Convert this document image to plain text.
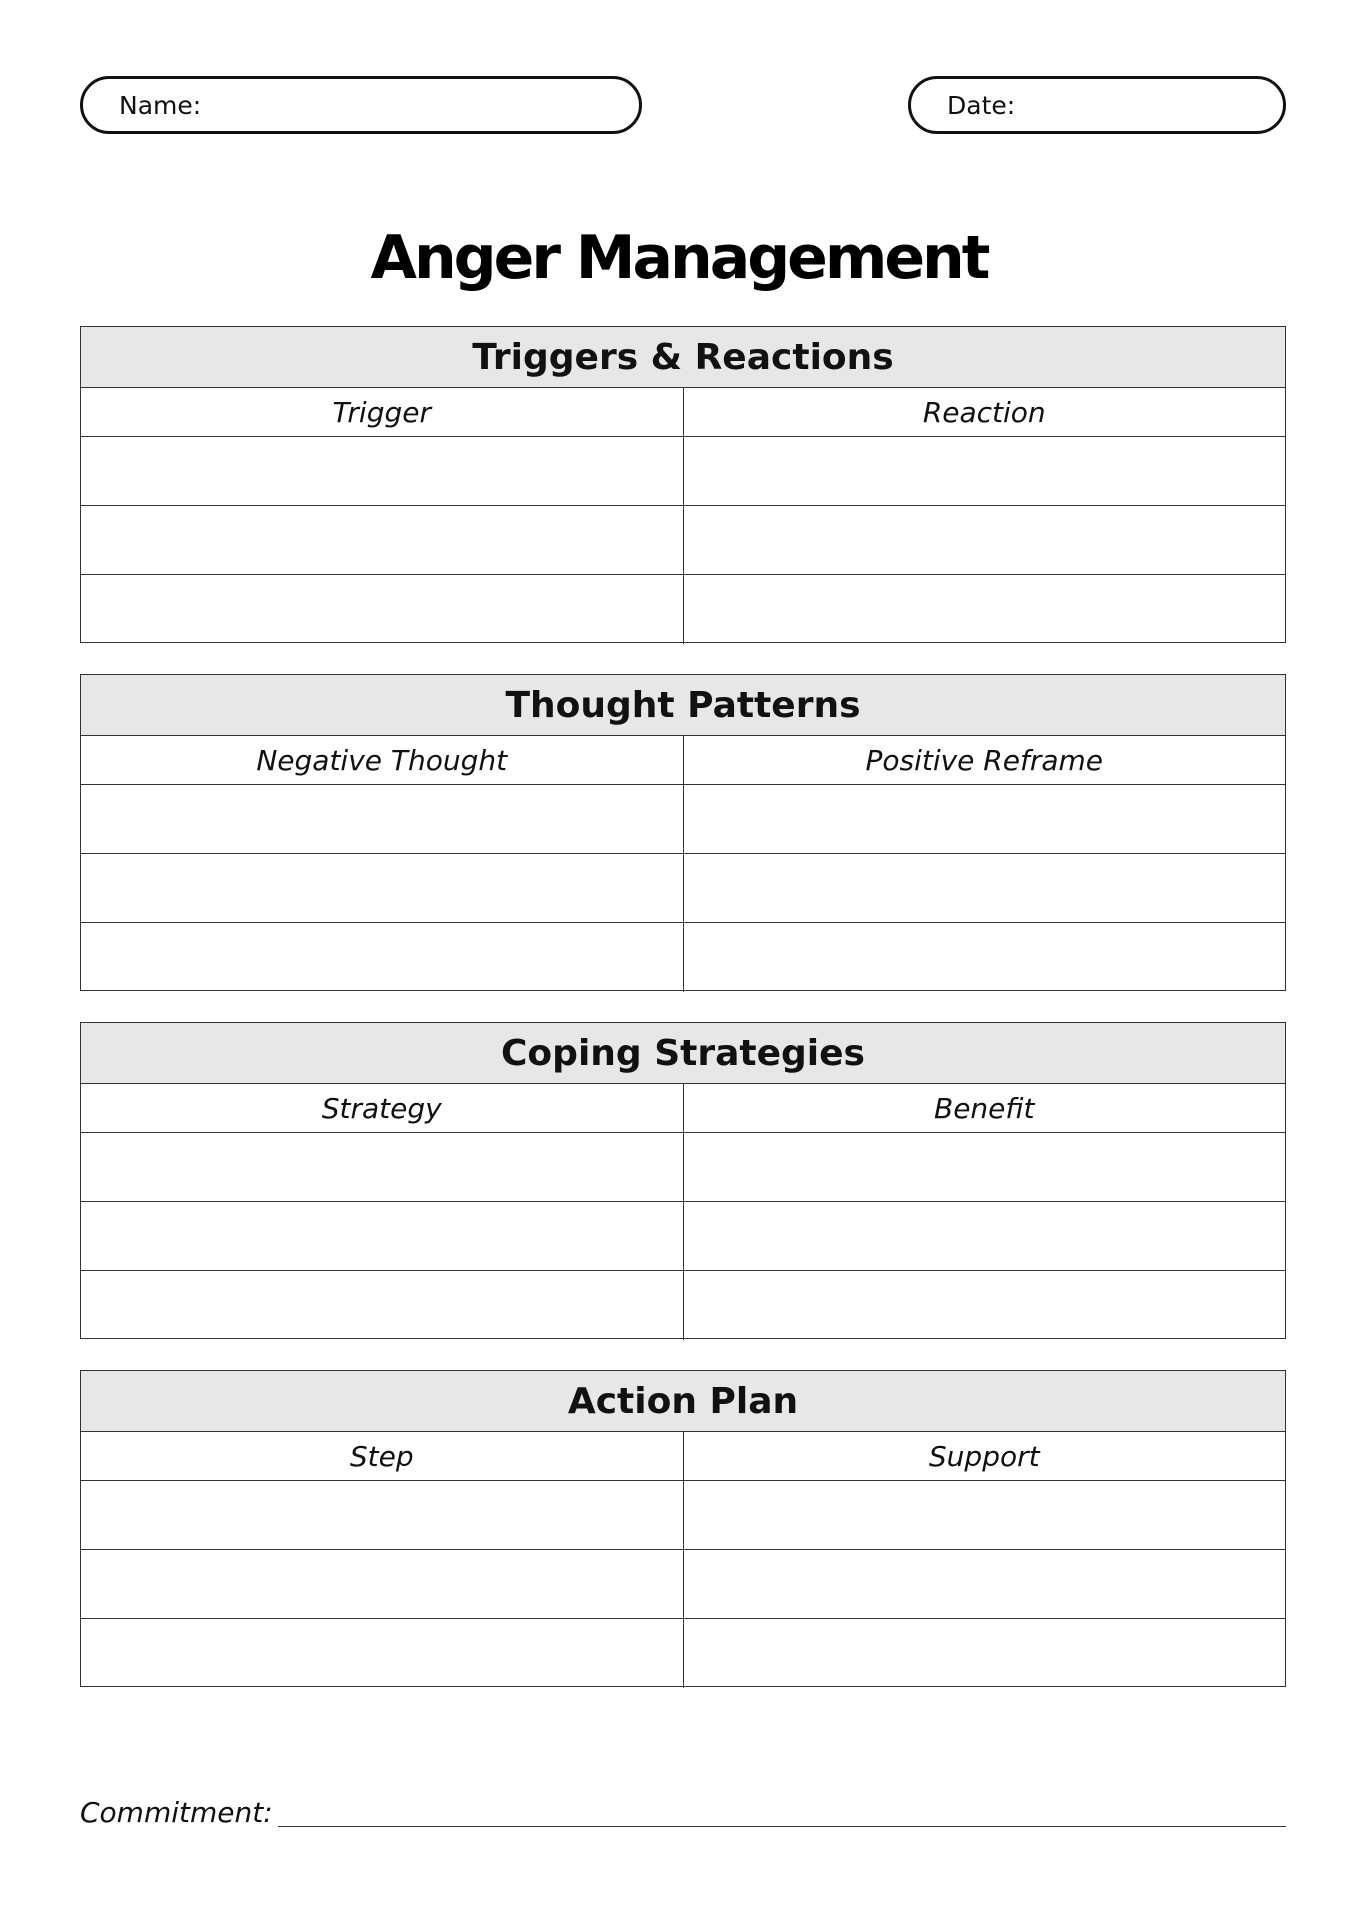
Name:	Date:
Anger Management
Triggers & Reactions
Trigger	Reaction
Thought Patterns
Negative Thought	Positive Reframe
Coping Strategies
Strategy	Benefit
Action Plan
Step	Support
Commitment:
